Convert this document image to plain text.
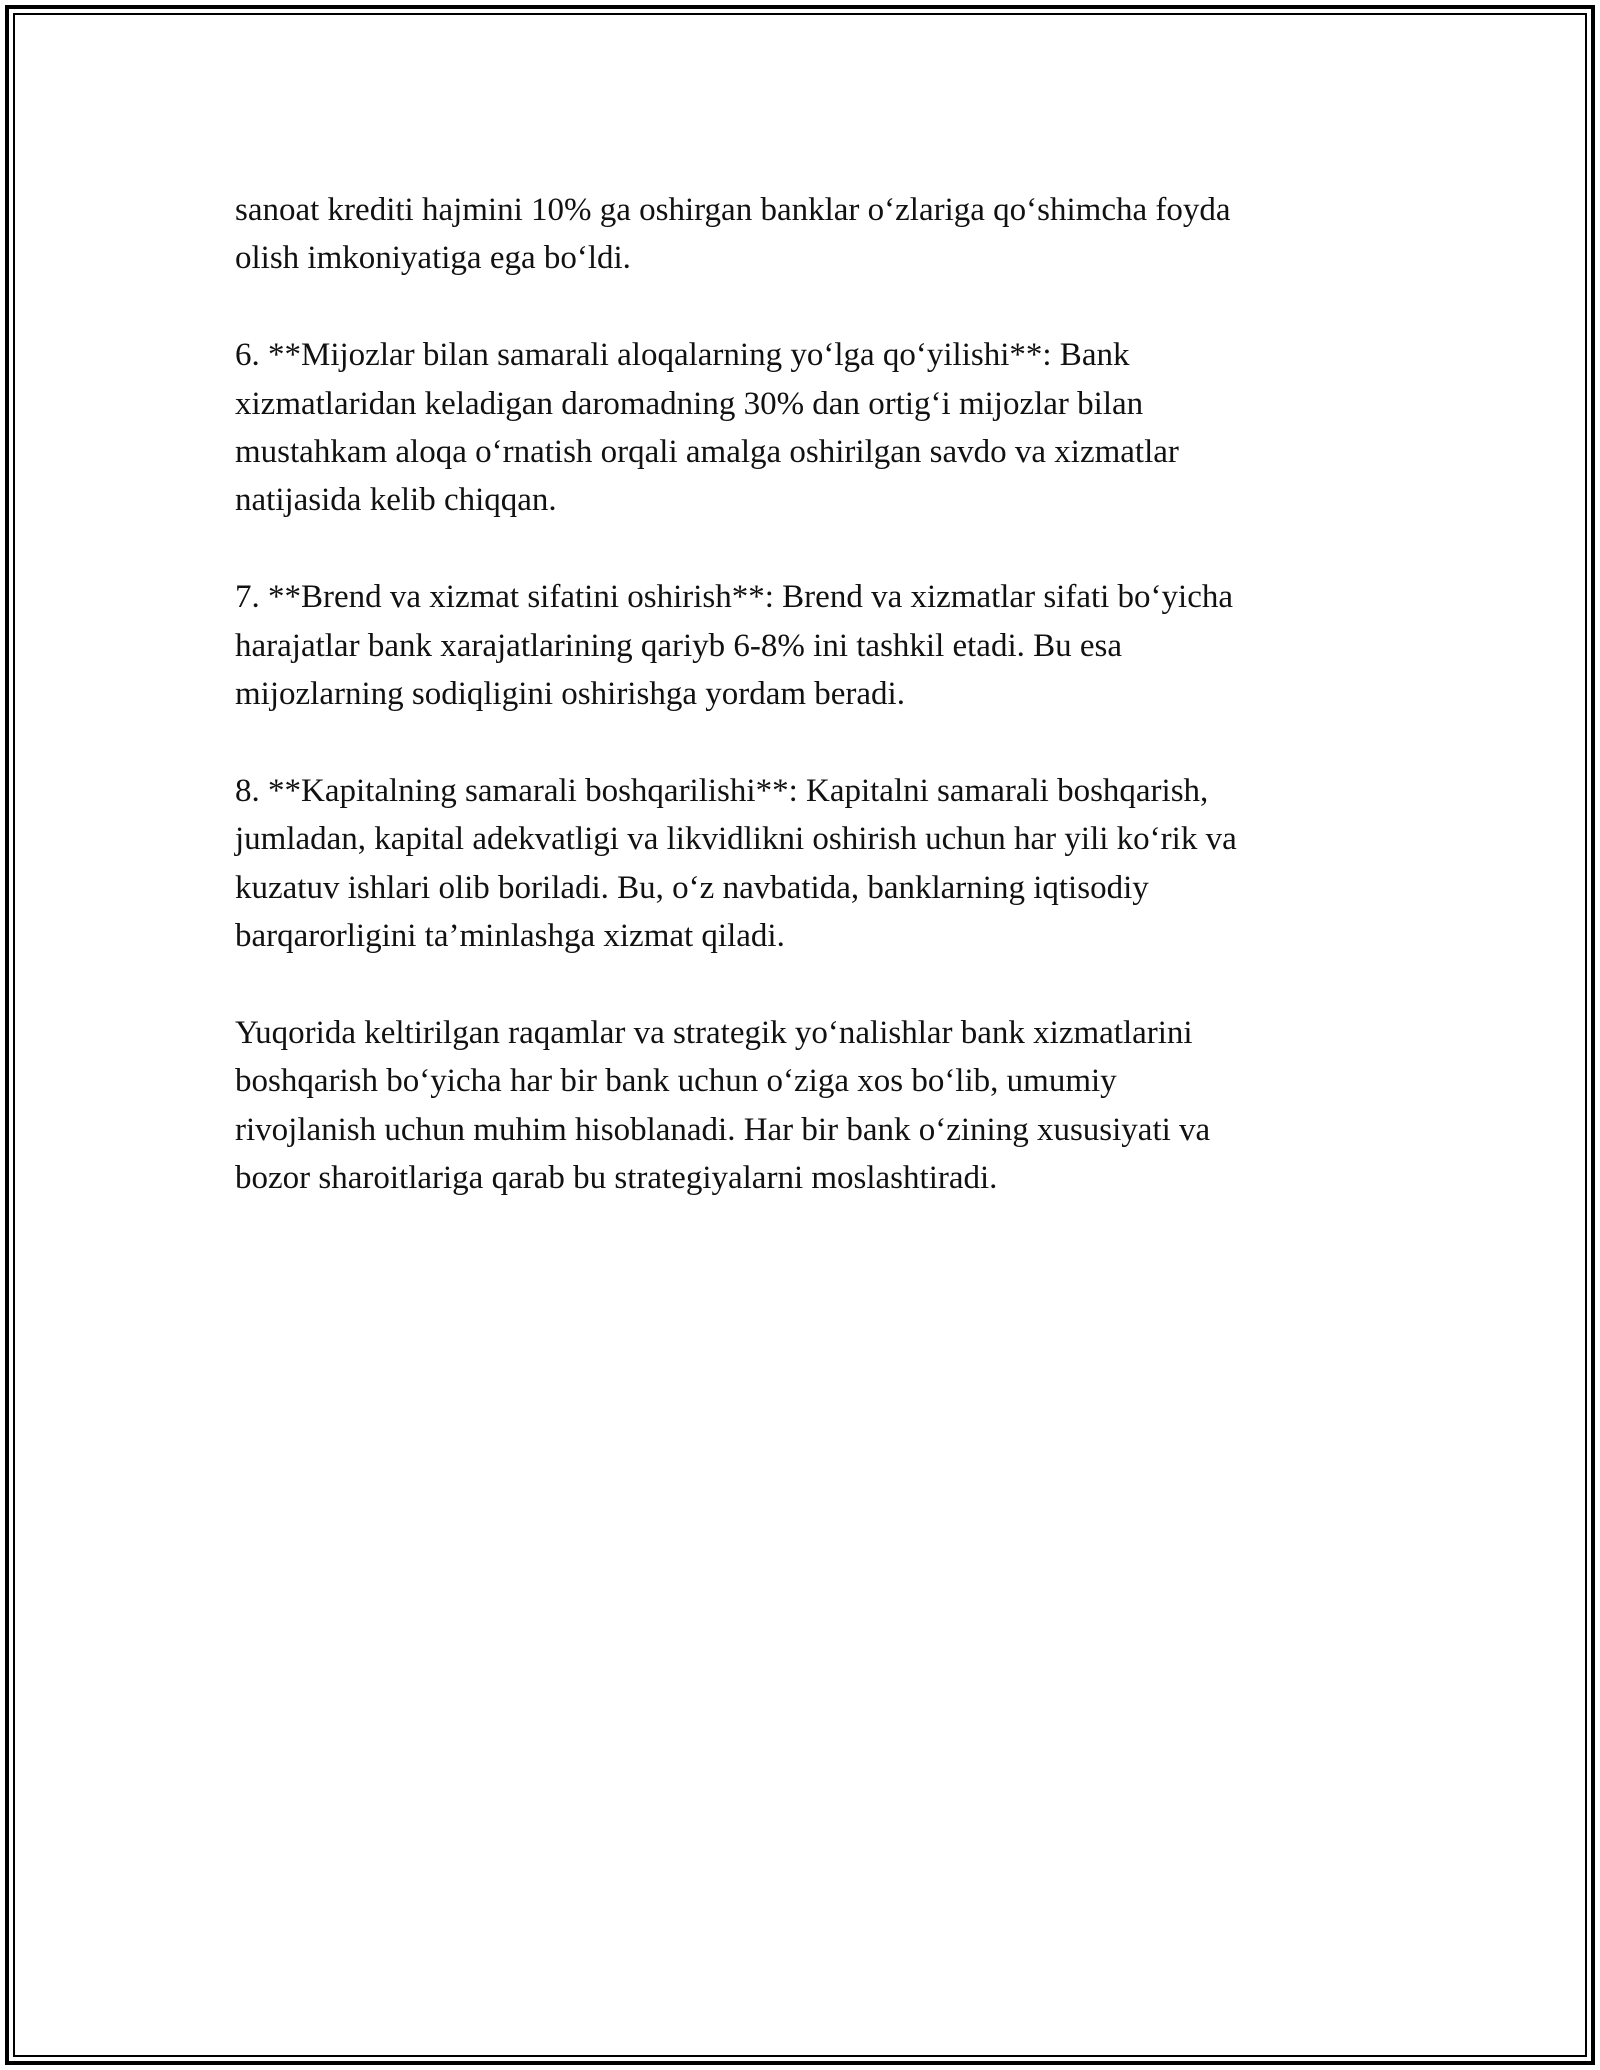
sanoat krediti hajmini 10% ga oshirgan banklar o‘zlariga qo‘shimcha foyda
olish imkoniyatiga ega bo‘ldi.

6. **Mijozlar bilan samarali aloqalarning yo‘lga qo‘yilishi**: Bank
xizmatlaridan keladigan daromadning 30% dan ortig‘i mijozlar bilan
mustahkam aloqa o‘rnatish orqali amalga oshirilgan savdo va xizmatlar
natijasida kelib chiqqan.

7. **Brend va xizmat sifatini oshirish**: Brend va xizmatlar sifati bo‘yicha
harajatlar bank xarajatlarining qariyb 6-8% ini tashkil etadi. Bu esa
mijozlarning sodiqligini oshirishga yordam beradi.

8. **Kapitalning samarali boshqarilishi**: Kapitalni samarali boshqarish,
jumladan, kapital adekvatligi va likvidlikni oshirish uchun har yili ko‘rik va
kuzatuv ishlari olib boriladi. Bu, o‘z navbatida, banklarning iqtisodiy
barqarorligini ta’minlashga xizmat qiladi.

Yuqorida keltirilgan raqamlar va strategik yo‘nalishlar bank xizmatlarini
boshqarish bo‘yicha har bir bank uchun o‘ziga xos bo‘lib, umumiy
rivojlanish uchun muhim hisoblanadi. Har bir bank o‘zining xususiyati va
bozor sharoitlariga qarab bu strategiyalarni moslashtiradi.
